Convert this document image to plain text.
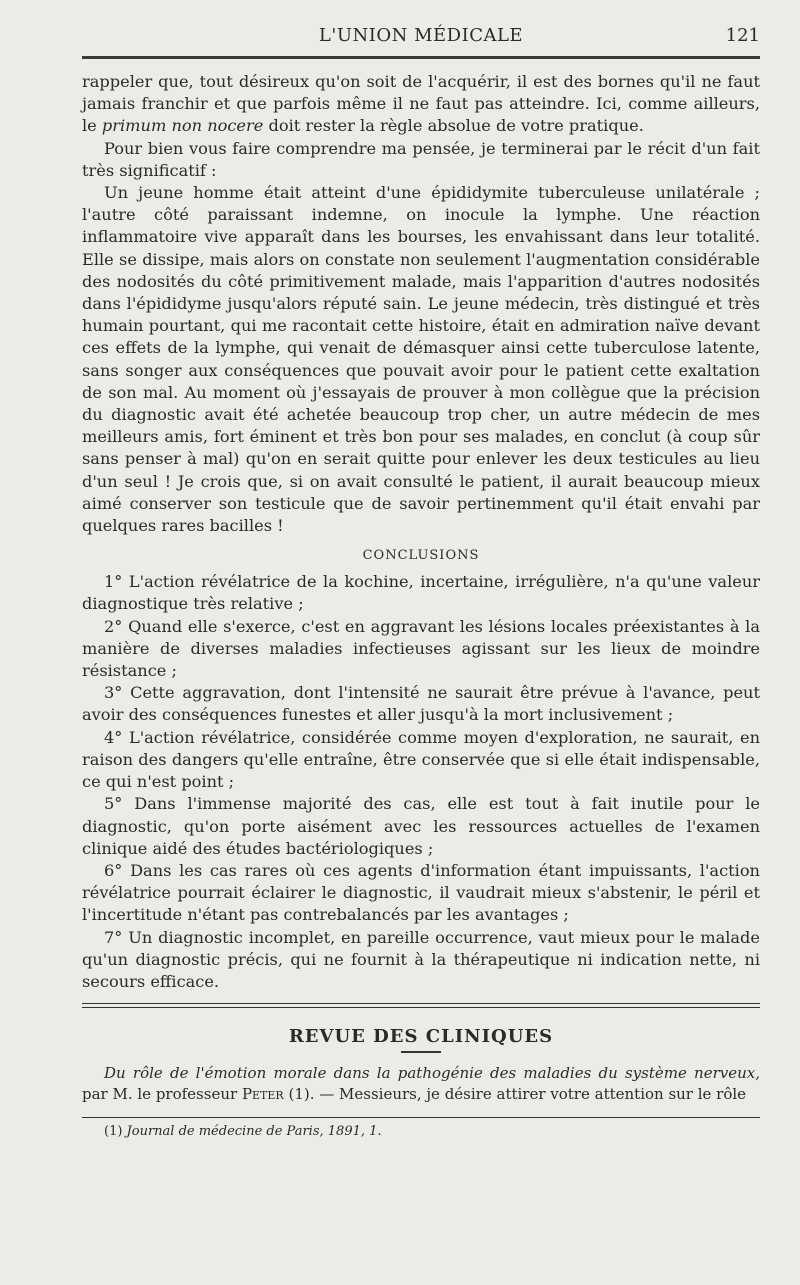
L'UNION MÉDICALE	121

rappeler que, tout désireux qu'on soit de l'acquérir, il est des bornes qu'il ne faut jamais franchir et que parfois même il ne faut pas atteindre. Ici, comme ailleurs, le primum non nocere doit rester la règle absolue de votre pratique.

Pour bien vous faire comprendre ma pensée, je terminerai par le récit d'un fait très significatif :

Un jeune homme était atteint d'une épididymite tuberculeuse unilatérale ; l'autre côté paraissant indemne, on inocule la lymphe. Une réaction inflammatoire vive apparaît dans les bourses, les envahissant dans leur totalité. Elle se dissipe, mais alors on constate non seulement l'augmentation considérable des nodosités du côté primitivement malade, mais l'apparition d'autres nodosités dans l'épididyme jusqu'alors réputé sain. Le jeune médecin, très distingué et très humain pourtant, qui me racontait cette histoire, était en admiration naïve devant ces effets de la lymphe, qui venait de démasquer ainsi cette tuberculose latente, sans songer aux conséquences que pouvait avoir pour le patient cette exaltation de son mal. Au moment où j'essayais de prouver à mon collègue que la précision du diagnostic avait été achetée beaucoup trop cher, un autre médecin de mes meilleurs amis, fort éminent et très bon pour ses malades, en conclut (à coup sûr sans penser à mal) qu'on en serait quitte pour enlever les deux testicules au lieu d'un seul ! Je crois que, si on avait consulté le patient, il aurait beaucoup mieux aimé conserver son testicule que de savoir pertinemment qu'il était envahi par quelques rares bacilles !

CONCLUSIONS

1° L'action révélatrice de la kochine, incertaine, irrégulière, n'a qu'une valeur diagnostique très relative ;

2° Quand elle s'exerce, c'est en aggravant les lésions locales préexistantes à la manière de diverses maladies infectieuses agissant sur les lieux de moindre résistance ;

3° Cette aggravation, dont l'intensité ne saurait être prévue à l'avance, peut avoir des conséquences funestes et aller jusqu'à la mort inclusivement ;

4° L'action révélatrice, considérée comme moyen d'exploration, ne saurait, en raison des dangers qu'elle entraîne, être conservée que si elle était indispensable, ce qui n'est point ;

5° Dans l'immense majorité des cas, elle est tout à fait inutile pour le diagnostic, qu'on porte aisément avec les ressources actuelles de l'examen clinique aidé des études bactériologiques ;

6° Dans les cas rares où ces agents d'information étant impuissants, l'action révélatrice pourrait éclairer le diagnostic, il vaudrait mieux s'abstenir, le péril et l'incertitude n'étant pas contrebalancés par les avantages ;

7° Un diagnostic incomplet, en pareille occurrence, vaut mieux pour le malade qu'un diagnostic précis, qui ne fournit à la thérapeutique ni indication nette, ni secours efficace.

REVUE DES CLINIQUES

Du rôle de l'émotion morale dans la pathogénie des maladies du système nerveux, par M. le professeur Peter (1). — Messieurs, je désire attirer votre attention sur le rôle

(1) Journal de médecine de Paris, 1891, 1.
